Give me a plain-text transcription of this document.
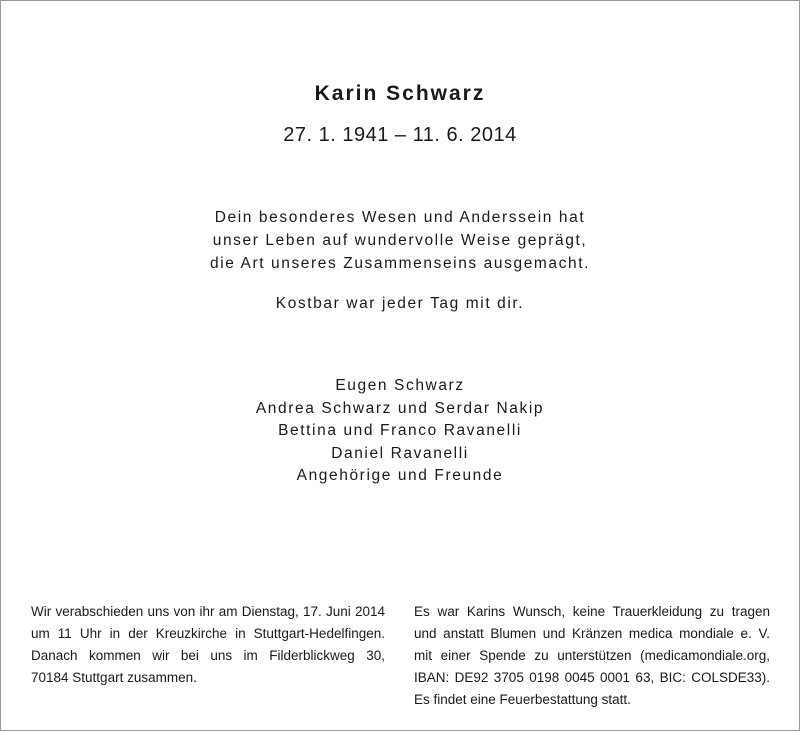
Karin Schwarz
27. 1. 1941 – 11. 6. 2014
Dein besonderes Wesen und Anderssein hat
unser Leben auf wundervolle Weise geprägt,
die Art unseres Zusammenseins ausgemacht.
Kostbar war jeder Tag mit dir.
Eugen Schwarz
Andrea Schwarz und Serdar Nakip
Bettina und Franco Ravanelli
Daniel Ravanelli
Angehörige und Freunde
Wir verabschieden uns von ihr am Dienstag, 17. Juni 2014
um 11 Uhr in der Kreuzkirche in Stuttgart-Hedelfingen.
Danach kommen wir bei uns im Filderblickweg 30,
70184 Stuttgart zusammen.
Es war Karins Wunsch, keine Trauerkleidung zu tragen
und anstatt Blumen und Kränzen medica mondiale e. V.
mit einer Spende zu unterstützen (medicamondiale.org,
IBAN: DE92 3705 0198 0045 0001 63, BIC: COLSDE33).
Es findet eine Feuerbestattung statt.
